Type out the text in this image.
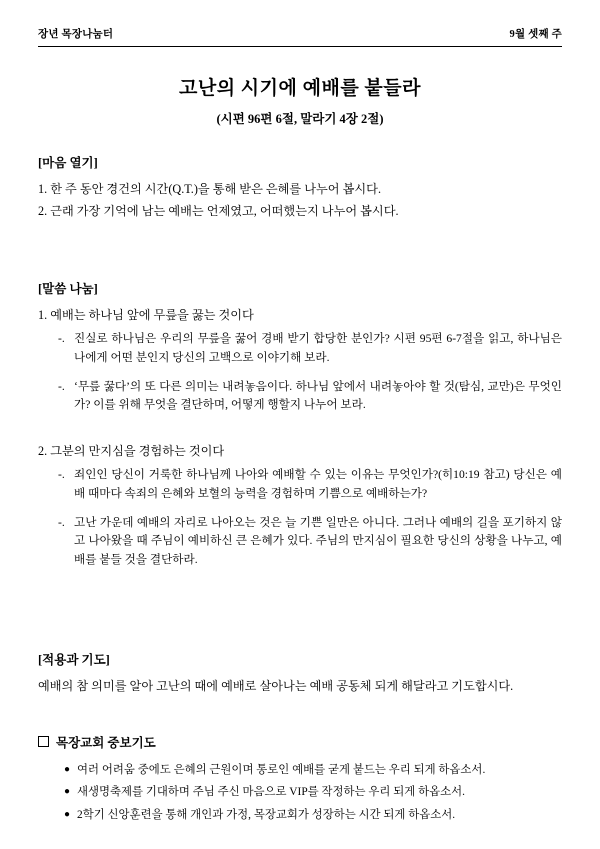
장년 목장나눔터	9월 셋째 주
고난의 시기에 예배를 붙들라
(시편 96편 6절, 말라기 4장 2절)
[마음 열기]

1. 한 주 동안 경건의 시간(Q.T.)을 통해 받은 은혜를 나누어 봅시다.

2. 근래 가장 기억에 남는 예배는 언제였고, 어떠했는지 나누어 봅시다.

[말씀 나눔]

1. 예배는 하나님 앞에 무릎을 꿇는 것이다

-. 진실로 하나님은 우리의 무릎을 꿇어 경배 받기 합당한 분인가? 시편 95편 6-7절을 읽고, 하나님은 나에게 어떤 분인지 당신의 고백으로 이야기해 보라.
-. ‘무릎 꿇다’의 또 다른 의미는 내려놓음이다. 하나님 앞에서 내려놓아야 할 것(탐심, 교만)은 무엇인가? 이를 위해 무엇을 결단하며, 어떻게 행할지 나누어 보라.

2. 그분의 만지심을 경험하는 것이다

-. 죄인인 당신이 거룩한 하나님께 나아와 예배할 수 있는 이유는 무엇인가?(히10:19 참고) 당신은 예배 때마다 속죄의 은혜와 보혈의 능력을 경험하며 기쁨으로 예배하는가?
-. 고난 가운데 예배의 자리로 나아오는 것은 늘 기쁜 일만은 아니다. 그러나 예배의 길을 포기하지 않고 나아왔을 때 주님이 예비하신 큰 은혜가 있다. 주님의 만지심이 필요한 당신의 상황을 나누고, 예배를 붙들 것을 결단하라.
[적용과 기도]

예배의 참 의미를 알아 고난의 때에 예배로 살아나는 예배 공동체 되게 해달라고 기도합시다.

목장교회 중보기도
● 여러 어려움 중에도 은혜의 근원이며 통로인 예배를 굳게 붙드는 우리 되게 하옵소서.
● 새생명축제를 기대하며 주님 주신 마음으로 VIP를 작정하는 우리 되게 하옵소서.
● 2학기 신앙훈련을 통해 개인과 가정, 목장교회가 성장하는 시간 되게 하옵소서.
